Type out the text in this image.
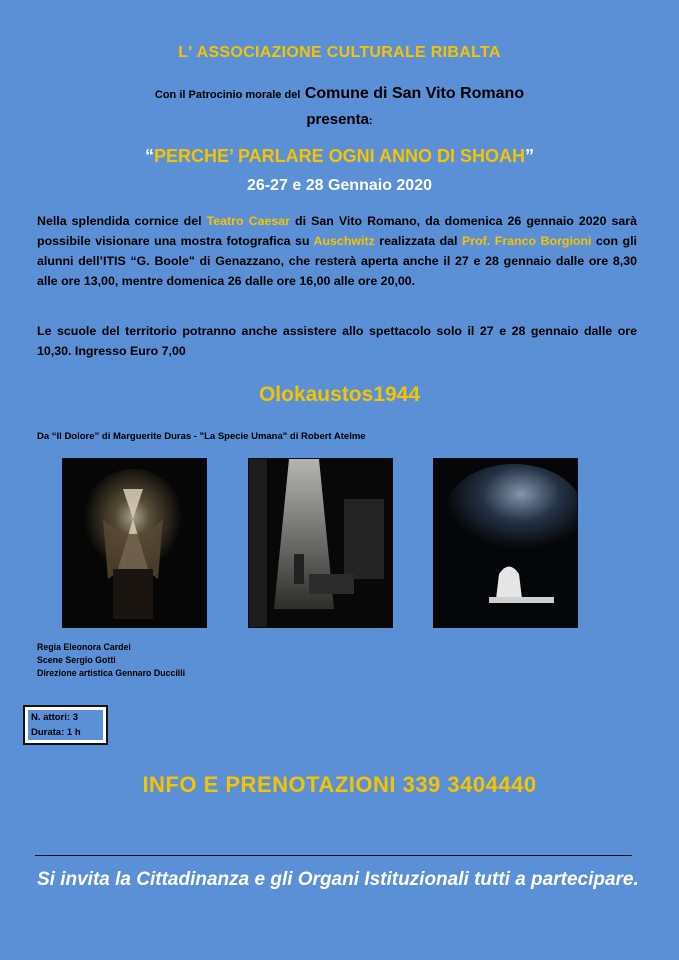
L' ASSOCIAZIONE CULTURALE RIBALTA
Con il Patrocinio morale del Comune di San Vito Romano
presenta:
“PERCHE’ PARLARE OGNI ANNO DI SHOAH”
26-27 e 28 Gennaio 2020
Nella splendida cornice del Teatro Caesar di San Vito Romano, da domenica 26 gennaio 2020 sarà possibile visionare una mostra fotografica su Auschwitz realizzata dal Prof. Franco Borgioni con gli alunni dell’ITIS “G. Boole" di Genazzano, che resterà aperta anche il 27 e 28 gennaio dalle ore 8,30 alle ore 13,00, mentre domenica 26 dalle ore 16,00 alle ore 20,00.
Le scuole del territorio potranno anche assistere allo spettacolo solo il 27 e 28 gennaio dalle ore 10,30. Ingresso Euro 7,00
Olokaustos1944
Da “Il Dolore” di Marguerite Duras - "La Specie Umana" di Robert Atelme
Regia Eleonora Cardei
Scene Sergio Gotti
Direzione artistica Gennaro Duccilli
N. attori: 3
Durata: 1 h
INFO E PRENOTAZIONI 339 3404440
Si invita la Cittadinanza e gli Organi Istituzionali tutti a partecipare.
